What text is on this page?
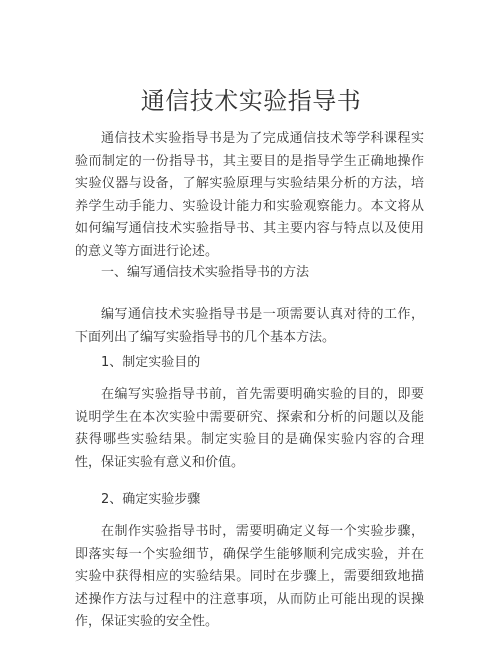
通信技术实验指导书

通信技术实验指导书是为了完成通信技术等学科课程实验而制定的一份指导书，其主要目的是指导学生正确地操作实验仪器与设备，了解实验原理与实验结果分析的方法，培养学生动手能力、实验设计能力和实验观察能力。本文将从如何编写通信技术实验指导书、其主要内容与特点以及使用的意义等方面进行论述。

一、编写通信技术实验指导书的方法

编写通信技术实验指导书是一项需要认真对待的工作，下面列出了编写实验指导书的几个基本方法。

1、制定实验目的

在编写实验指导书前，首先需要明确实验的目的，即要说明学生在本次实验中需要研究、探索和分析的问题以及能获得哪些实验结果。制定实验目的是确保实验内容的合理性，保证实验有意义和价值。

2、确定实验步骤

在制作实验指导书时，需要明确定义每一个实验步骤，即落实每一个实验细节，确保学生能够顺利完成实验，并在实验中获得相应的实验结果。同时在步骤上，需要细致地描述操作方法与过程中的注意事项，从而防止可能出现的误操作，保证实验的安全性。
